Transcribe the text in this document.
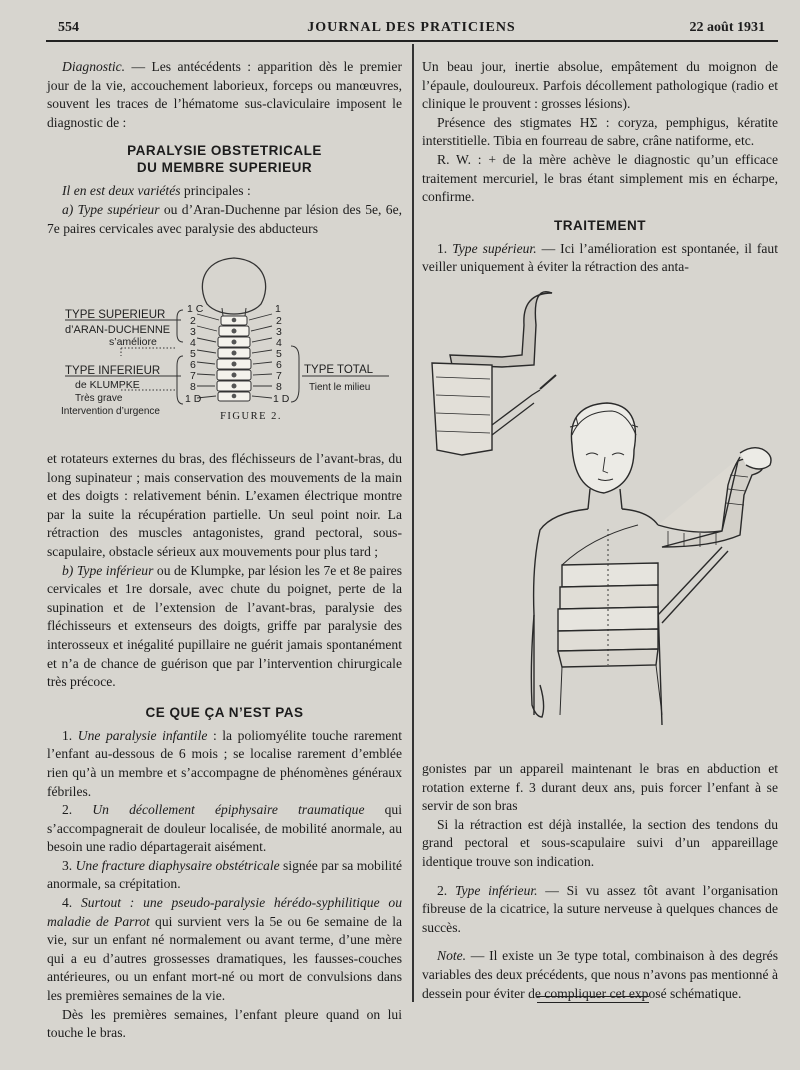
554	JOURNAL DES PRATICIENS	22 août 1931

Diagnostic. — Les antécédents : apparition dès le premier jour de la vie, accouchement laborieux, forceps ou manœuvres, souvent les traces de l’hématome sus-claviculaire imposent le diagnostic de :

PARALYSIE OBSTETRICALE
DU MEMBRE SUPERIEUR

Il en est deux variétés principales :

a) Type supérieur ou d’Aran-Duchenne par lésion des 5e, 6e, 7e paires cervicales avec paralysie des abducteurs

1 C
2
3
4
5
6
7
8
1 D
1
2
3
4
5
6
7
8
1 D
TYPE SUPERIEUR
d’ARAN-DUCHENNE
s’améliore
TYPE INFERIEUR
de KLUMPKE
Très grave
Intervention d’urgence
TYPE TOTAL
Tient le milieu

FIGURE 2.

et rotateurs externes du bras, des fléchisseurs de l’avant-bras, du long supinateur ; mais conservation des mouvements de la main et des doigts : relativement bénin. L’examen électrique montre par la suite la récupération partielle. Un seul point noir. La rétraction des muscles antagonistes, grand pectoral, sous-scapulaire, obstacle sérieux aux mouvements pour plus tard ;

b) Type inférieur ou de Klumpke, par lésion les 7e et 8e paires cervicales et 1re dorsale, avec chute du poignet, perte de la supination et de l’extension de l’avant-bras, paralysie des fléchisseurs et extenseurs des doigts, griffe par paralysie des interosseux et inégalité pupillaire ne guérit jamais spontanément et n’a de chance de guérison que par l’intervention chirurgicale très précoce.

CE QUE ÇA N’EST PAS

1. Une paralysie infantile : la poliomyélite touche rarement l’enfant au-dessous de 6 mois ; se localise rarement d’emblée rien qu’à un membre et s’accompagne de phénomènes généraux fébriles.

2. Un décollement épiphysaire traumatique qui s’accompagnerait de douleur localisée, de mobilité anormale, au besoin une radio départagerait aisément.

3. Une fracture diaphysaire obstétricale signée par sa mobilité anormale, sa crépitation.

4. Surtout : une pseudo-paralysie hérédo-syphilitique ou maladie de Parrot qui survient vers la 5e ou 6e semaine de la vie, sur un enfant né normalement ou avant terme, d’une mère qui a eu d’autres grossesses dramatiques, les fausses-couches antérieures, ou un enfant mort-né ou mort de convulsions dans les premières semaines de la vie.

Dès les premières semaines, l’enfant pleure quand on lui touche le bras.

Un beau jour, inertie absolue, empâtement du moignon de l’épaule, douloureux. Parfois décollement pathologique (radio et clinique le prouvent : grosses lésions).

Présence des stigmates HΣ : coryza, pemphigus, kératite interstitielle. Tibia en fourreau de sabre, crâne natiforme, etc.

R. W. : + de la mère achève le diagnostic qu’un efficace traitement mercuriel, le bras étant simplement mis en écharpe, confirme.

TRAITEMENT

1. Type supérieur. — Ici l’amélioration est spontanée, il faut veiller uniquement à éviter la rétraction des anta-

gonistes par un appareil maintenant le bras en abduction et rotation externe f. 3 durant deux ans, puis forcer l’enfant à se servir de son bras

Si la rétraction est déjà installée, la section des tendons du grand pectoral et sous-scapulaire suivi d’un appareillage identique trouve son indication.

2. Type inférieur. — Si vu assez tôt avant l’organisation fibreuse de la cicatrice, la suture nerveuse à quelques chances de succès.

Note. — Il existe un 3e type total, combinaison à des degrés variables des deux précédents, que nous n’avons pas mentionné à dessein pour éviter de compliquer cet exposé schématique.
